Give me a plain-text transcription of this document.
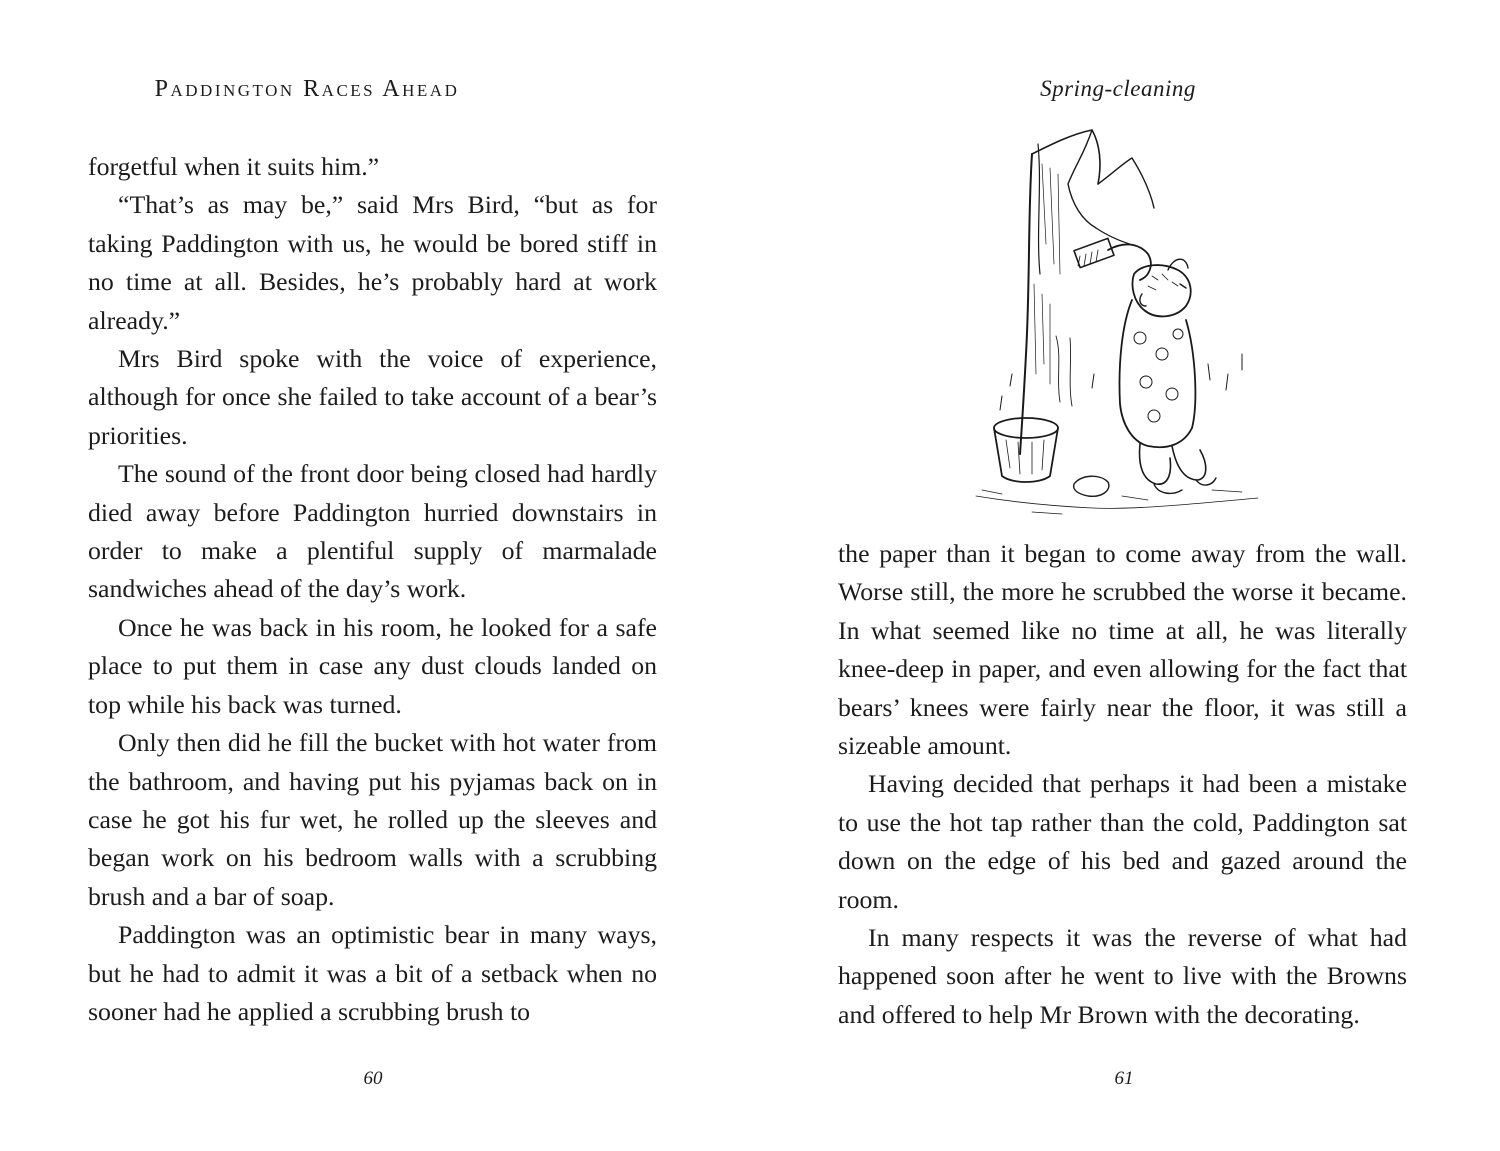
Paddington Races Ahead

forgetful when it suits him.”

“That’s as may be,” said Mrs Bird, “but as for taking Paddington with us, he would be bored stiff in no time at all. Besides, he’s probably hard at work already.”

Mrs Bird spoke with the voice of experience, although for once she failed to take account of a bear’s priorities.

The sound of the front door being closed had hardly died away before Paddington hurried downstairs in order to make a plentiful supply of marmalade sandwiches ahead of the day’s work.

Once he was back in his room, he looked for a safe place to put them in case any dust clouds landed on top while his back was turned.

Only then did he fill the bucket with hot water from the bathroom, and having put his pyjamas back on in case he got his fur wet, he rolled up the sleeves and began work on his bedroom walls with a scrubbing brush and a bar of soap.

Paddington was an optimistic bear in many ways, but he had to admit it was a bit of a setback when no sooner had he applied a scrubbing brush to

60
Spring-cleaning

the paper than it began to come away from the wall. Worse still, the more he scrubbed the worse it became. In what seemed like no time at all, he was literally knee-deep in paper, and even allowing for the fact that bears’ knees were fairly near the floor, it was still a sizeable amount.

Having decided that perhaps it had been a mistake to use the hot tap rather than the cold, Paddington sat down on the edge of his bed and gazed around the room.

In many respects it was the reverse of what had happened soon after he went to live with the Browns and offered to help Mr Brown with the decorating.

61
